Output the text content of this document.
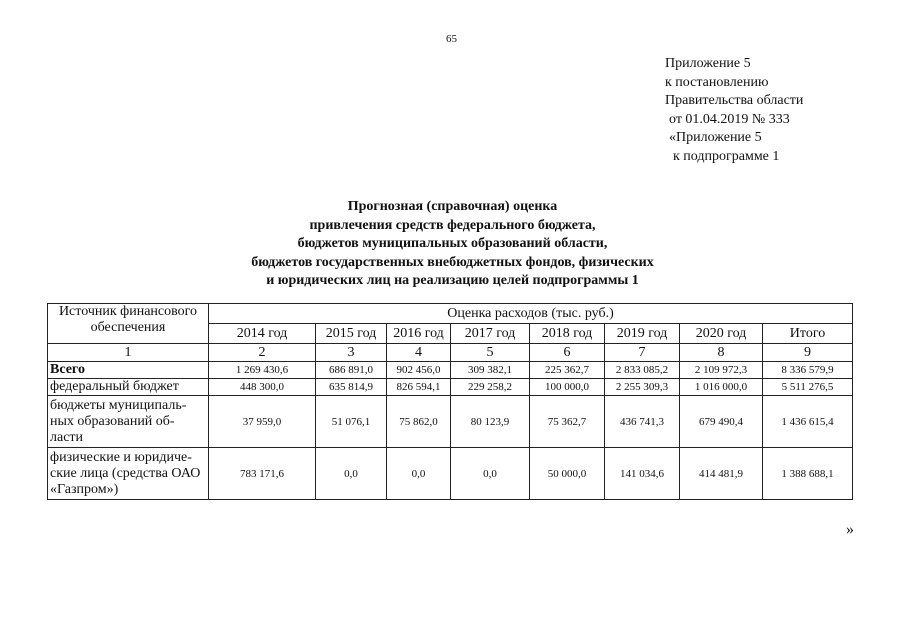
65
Приложение 5
к постановлению
Правительства области
от 01.04.2019 № 333
«Приложение 5
к подпрограмме 1
Прогнозная (справочная) оценка
привлечения средств федерального бюджета,
бюджетов муниципальных образований области,
бюджетов государственных внебюджетных фондов, физических
и юридических лиц на реализацию целей подпрограммы 1
Источник финансового обеспечения	Оценка расходов (тыс. руб.)							
	2014 год	2015 год	2016 год	2017 год	2018 год	2019 год	2020 год	Итого
1	2	3	4	5	6	7	8	9
Всего	1 269 430,6	686 891,0	902 456,0	309 382,1	225 362,7	2 833 085,2	2 109 972,3	8 336 579,9
федеральный бюджет	448 300,0	635 814,9	826 594,1	229 258,2	100 000,0	2 255 309,3	1 016 000,0	5 511 276,5
бюджеты муниципаль-ных образований об-ласти	37 959,0	51 076,1	75 862,0	80 123,9	75 362,7	436 741,3	679 490,4	1 436 615,4
физические и юридиче-ские лица (средства ОАО «Газпром»)	783 171,6	0,0	0,0	0,0	50 000,0	141 034,6	414 481,9	1 388 688,1
»
